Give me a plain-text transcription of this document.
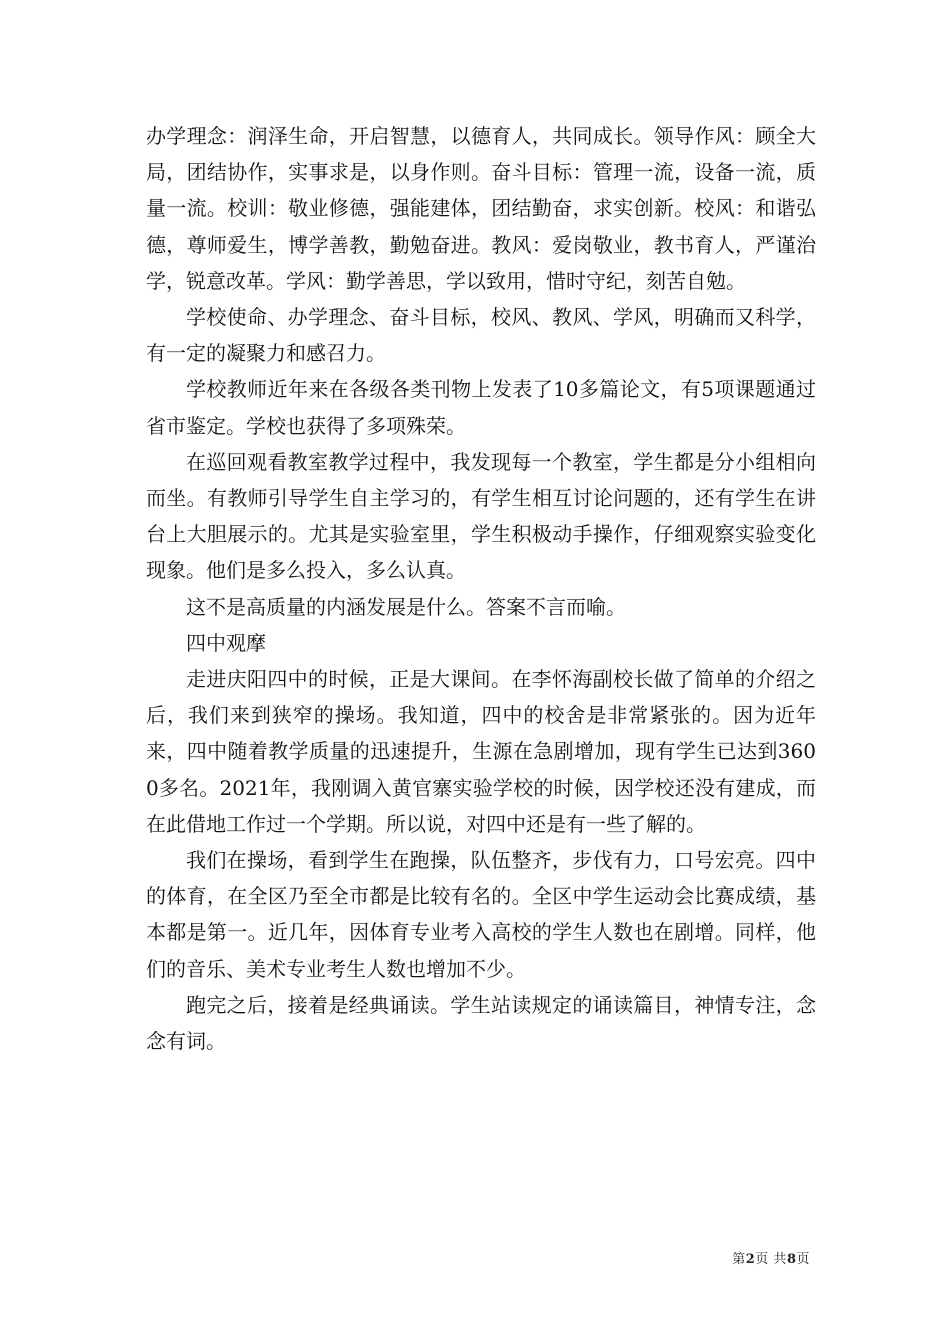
办学理念：润泽生命，开启智慧，以德育人，共同成长。领导作风：顾全大局，团结协作，实事求是，以身作则。奋斗目标：管理一流，设备一流，质量一流。校训：敬业修德，强能建体，团结勤奋，求实创新。校风：和谐弘德，尊师爱生，博学善教，勤勉奋进。教风：爱岗敬业，教书育人，严谨治学，锐意改革。学风：勤学善思，学以致用，惜时守纪，刻苦自勉。

学校使命、办学理念、奋斗目标，校风、教风、学风，明确而又科学，有一定的凝聚力和感召力。

学校教师近年来在各级各类刊物上发表了10多篇论文，有5项课题通过省市鉴定。学校也获得了多项殊荣。

在巡回观看教室教学过程中，我发现每一个教室，学生都是分小组相向而坐。有教师引导学生自主学习的，有学生相互讨论问题的，还有学生在讲台上大胆展示的。尤其是实验室里，学生积极动手操作，仔细观察实验变化现象。他们是多么投入，多么认真。

这不是高质量的内涵发展是什么。答案不言而喻。

四中观摩

走进庆阳四中的时候，正是大课间。在李怀海副校长做了简单的介绍之后，我们来到狭窄的操场。我知道，四中的校舍是非常紧张的。因为近年来，四中随着教学质量的迅速提升，生源在急剧增加，现有学生已达到3600多名。2021年，我刚调入黄官寨实验学校的时候，因学校还没有建成，而在此借地工作过一个学期。所以说，对四中还是有一些了解的。

我们在操场，看到学生在跑操，队伍整齐，步伐有力，口号宏亮。四中的体育，在全区乃至全市都是比较有名的。全区中学生运动会比赛成绩，基本都是第一。近几年，因体育专业考入高校的学生人数也在剧增。同样，他们的音乐、美术专业考生人数也增加不少。

跑完之后，接着是经典诵读。学生站读规定的诵读篇目，神情专注，念念有词。

第2页 共8页
